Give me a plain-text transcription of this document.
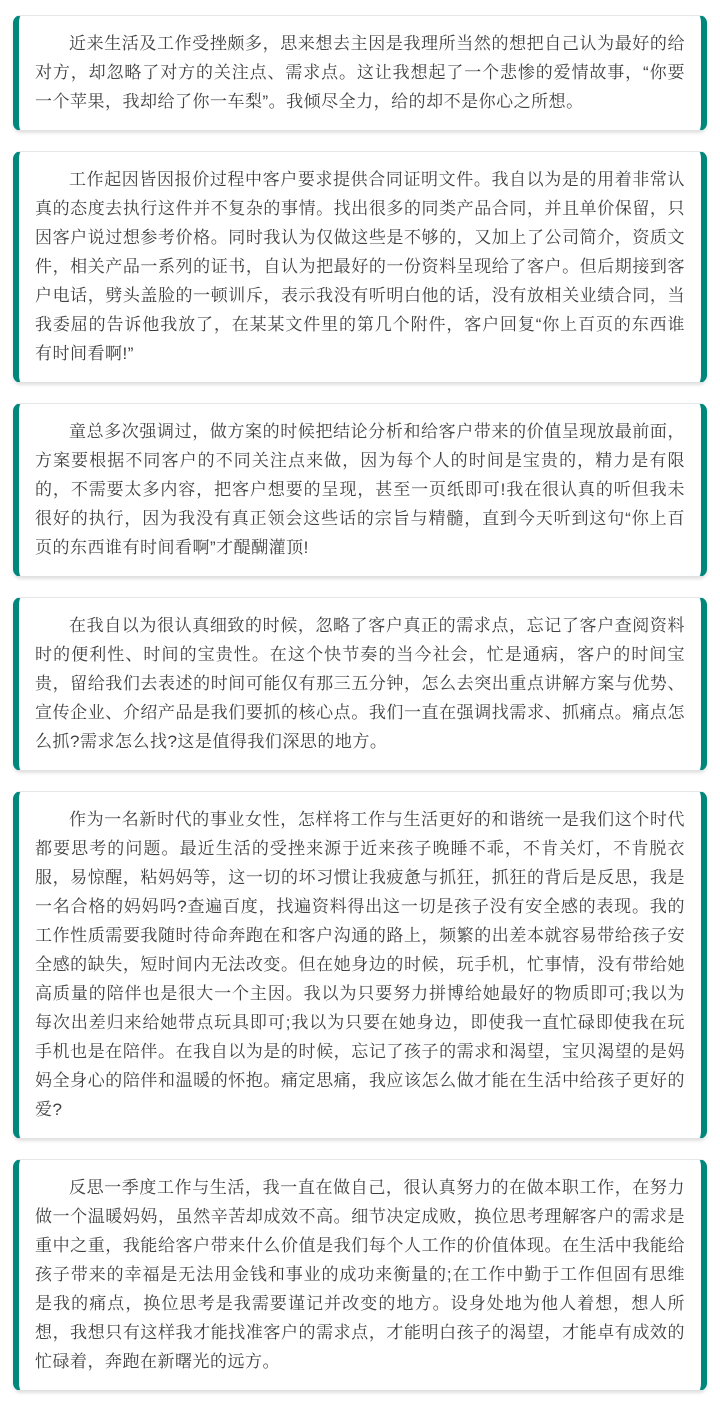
近来生活及工作受挫颇多，思来想去主因是我理所当然的想把自己认为最好的给对方，却忽略了对方的关注点、需求点。这让我想起了一个悲惨的爱情故事，“你要一个苹果，我却给了你一车梨”。我倾尽全力，给的却不是你心之所想。

工作起因皆因报价过程中客户要求提供合同证明文件。我自以为是的用着非常认真的态度去执行这件并不复杂的事情。找出很多的同类产品合同，并且单价保留，只因客户说过想参考价格。同时我认为仅做这些是不够的，又加上了公司简介，资质文件，相关产品一系列的证书，自认为把最好的一份资料呈现给了客户。但后期接到客户电话，劈头盖脸的一顿训斥，表示我没有听明白他的话，没有放相关业绩合同，当我委屈的告诉他我放了，在某某文件里的第几个附件，客户回复“你上百页的东西谁有时间看啊!”

童总多次强调过，做方案的时候把结论分析和给客户带来的价值呈现放最前面，方案要根据不同客户的不同关注点来做，因为每个人的时间是宝贵的，精力是有限的，不需要太多内容，把客户想要的呈现，甚至一页纸即可!我在很认真的听但我未很好的执行，因为我没有真正领会这些话的宗旨与精髓，直到今天听到这句“你上百页的东西谁有时间看啊”才醍醐灌顶!

在我自以为很认真细致的时候，忽略了客户真正的需求点，忘记了客户查阅资料时的便利性、时间的宝贵性。在这个快节奏的当今社会，忙是通病，客户的时间宝贵，留给我们去表述的时间可能仅有那三五分钟，怎么去突出重点讲解方案与优势、宣传企业、介绍产品是我们要抓的核心点。我们一直在强调找需求、抓痛点。痛点怎么抓?需求怎么找?这是值得我们深思的地方。

作为一名新时代的事业女性，怎样将工作与生活更好的和谐统一是我们这个时代都要思考的问题。最近生活的受挫来源于近来孩子晚睡不乖，不肯关灯，不肯脱衣服，易惊醒，粘妈妈等，这一切的坏习惯让我疲惫与抓狂，抓狂的背后是反思，我是一名合格的妈妈吗?查遍百度，找遍资料得出这一切是孩子没有安全感的表现。我的工作性质需要我随时待命奔跑在和客户沟通的路上，频繁的出差本就容易带给孩子安全感的缺失，短时间内无法改变。但在她身边的时候，玩手机，忙事情，没有带给她高质量的陪伴也是很大一个主因。我以为只要努力拼博给她最好的物质即可;我以为每次出差归来给她带点玩具即可;我以为只要在她身边，即使我一直忙碌即使我在玩手机也是在陪伴。在我自以为是的时候，忘记了孩子的需求和渴望，宝贝渴望的是妈妈全身心的陪伴和温暖的怀抱。痛定思痛，我应该怎么做才能在生活中给孩子更好的爱?

反思一季度工作与生活，我一直在做自己，很认真努力的在做本职工作，在努力做一个温暖妈妈，虽然辛苦却成效不高。细节决定成败，换位思考理解客户的需求是重中之重，我能给客户带来什么价值是我们每个人工作的价值体现。在生活中我能给孩子带来的幸福是无法用金钱和事业的成功来衡量的;在工作中勤于工作但固有思维是我的痛点，换位思考是我需要谨记并改变的地方。设身处地为他人着想，想人所想，我想只有这样我才能找准客户的需求点，才能明白孩子的渴望，才能卓有成效的忙碌着，奔跑在新曙光的远方。
